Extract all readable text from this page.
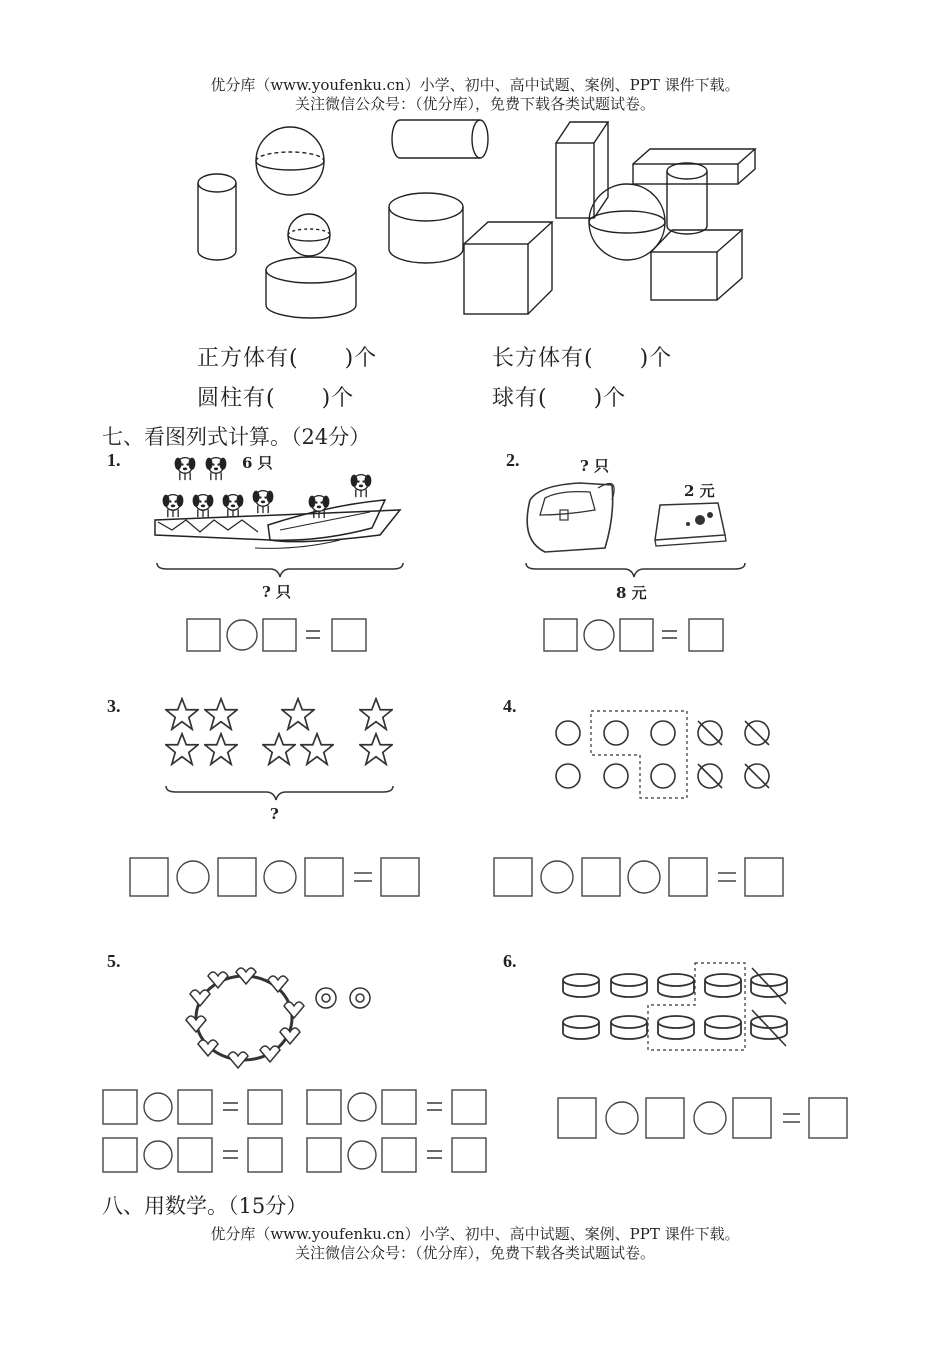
优分库（www.youfenku.cn）小学、初中、高中试题、案例、PPT 课件下载。
关注微信公众号：（优分库），免费下载各类试题试卷。
正方体有(　　)个	长方体有(　　)个
圆柱有(　　)个	球有(　　)个
七、看图列式计算。（24分）
1.	6 只
? 只
2.	? 只
2 元
8 元
3.
?
4.
5.	6.
八、用数学。（15分）
优分库（www.youfenku.cn）小学、初中、高中试题、案例、PPT 课件下载。
关注微信公众号：（优分库），免费下载各类试题试卷。
